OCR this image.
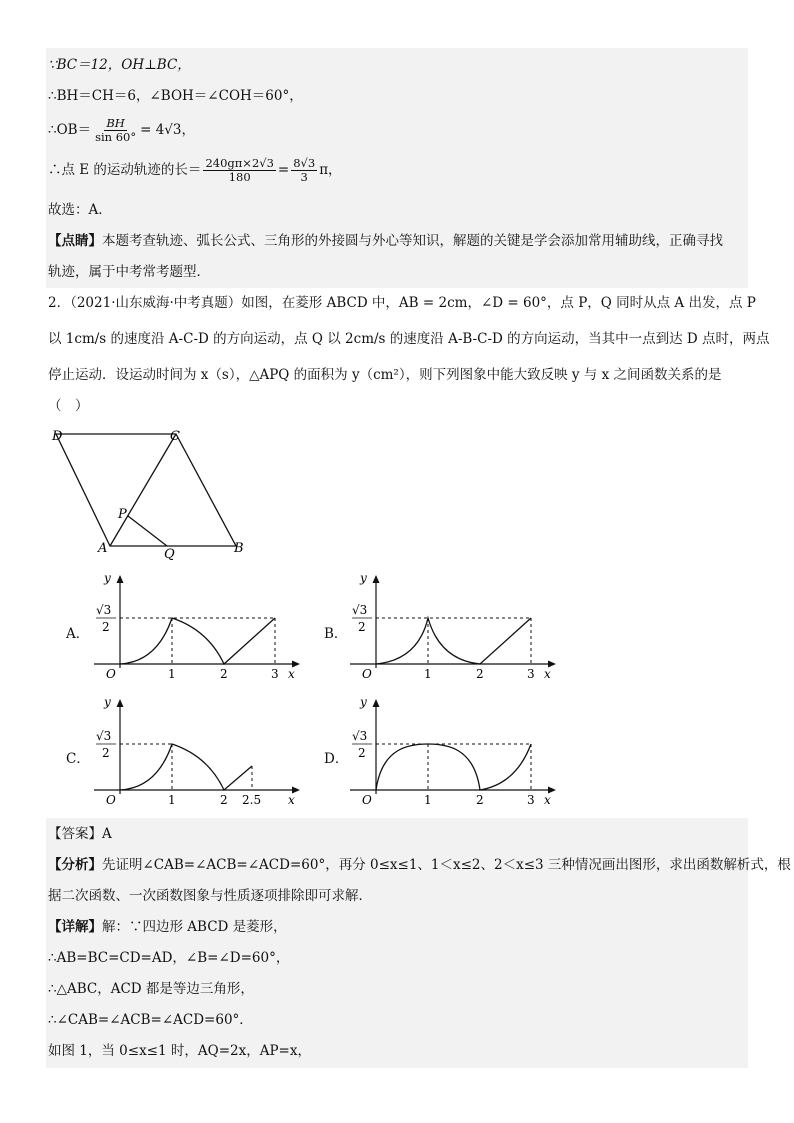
∵BC＝12，OH⊥BC，
∴BH＝CH＝6，∠BOH＝∠COH＝60°，
∴OB＝ $\frac{BH}{\sin 60^\circ} = 4√3$，
∴点 E 的运动轨迹的长＝ $\frac{240g\pi\times 2√3}{180} = \frac{8√3}{3}$ π，
故选：A．
【点睛】本题考查轨迹、弧长公式、三角形的外接圆与外心等知识，解题的关键是学会添加常用辅助线，正确寻找
轨迹，属于中考常考题型．
2．（2021·山东威海·中考真题）如图，在菱形 ABCD 中，AB = 2cm，∠D = 60°，点 P，Q 同时从点 A 出发，点 P
以 1cm/s 的速度沿 A-C-D 的方向运动，点 Q 以 2cm/s 的速度沿 A-B-C-D 的方向运动，当其中一点到达 D 点时，两点
停止运动．设运动时间为 x（s），△APQ 的面积为 y（cm²），则下列图象中能大致反映 y 与 x 之间函数关系的是
（　）
D	C
P
A	Q	B
A．	B．
C．	D．
y
x
O
√3
2
1	2	3
y
x
O
√3
2
1	2	3
y
x
O
√3
2
1	2 2.5
y
x
O
√3
2
1	2	3
【答案】A
【分析】先证明∠CAB=∠ACB=∠ACD=60°，再分 0≤x≤1、1＜x≤2、2＜x≤3 三种情况画出图形，求出函数解析式，根
据二次函数、一次函数图象与性质逐项排除即可求解．
【详解】解：∵四边形 ABCD 是菱形，
∴AB=BC=CD=AD，∠B=∠D=60°，
∴△ABC，ACD 都是等边三角形，
∴∠CAB=∠ACB=∠ACD=60°．
如图 1，当 0≤x≤1 时，AQ=2x，AP=x，
